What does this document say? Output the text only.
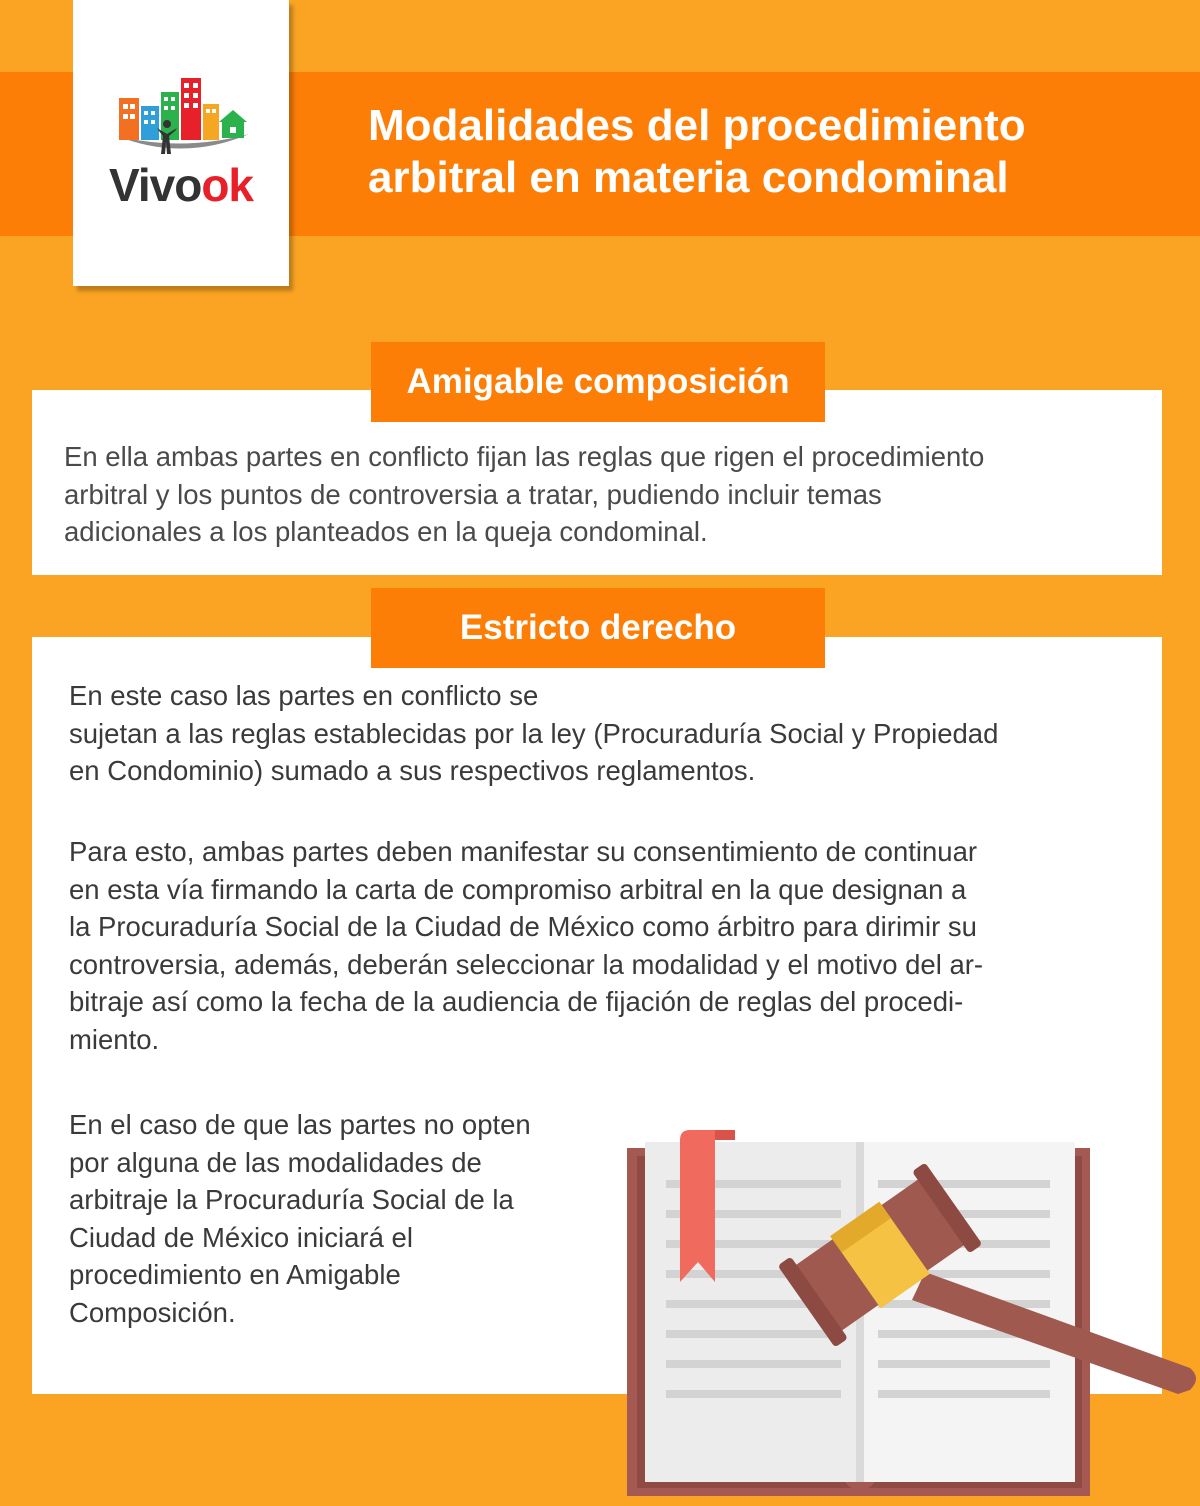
Vivook
Modalidades del procedimiento
arbitral en materia condominal
Amigable composición

En ella ambas partes en conflicto fijan las reglas que rigen el procedimiento
arbitral y los puntos de controversia a tratar, pudiendo incluir temas
adicionales a los planteados en la queja condominal.

Estricto derecho

En este caso las partes en conflicto se
sujetan a las reglas establecidas por la ley (Procuraduría Social y Propiedad
en Condominio) sumado a sus respectivos reglamentos.

Para esto, ambas partes deben manifestar su consentimiento de continuar
en esta vía firmando la carta de compromiso arbitral en la que designan a
la Procuraduría Social de la Ciudad de México como árbitro para dirimir su
controversia, además, deberán seleccionar la modalidad y el motivo del ar-
bitraje así como la fecha de la audiencia de fijación de reglas del procedi-
miento.

En el caso de que las partes no opten
por alguna de las modalidades de
arbitraje la Procuraduría Social de la
Ciudad de México iniciará el
procedimiento en Amigable
Composición.
